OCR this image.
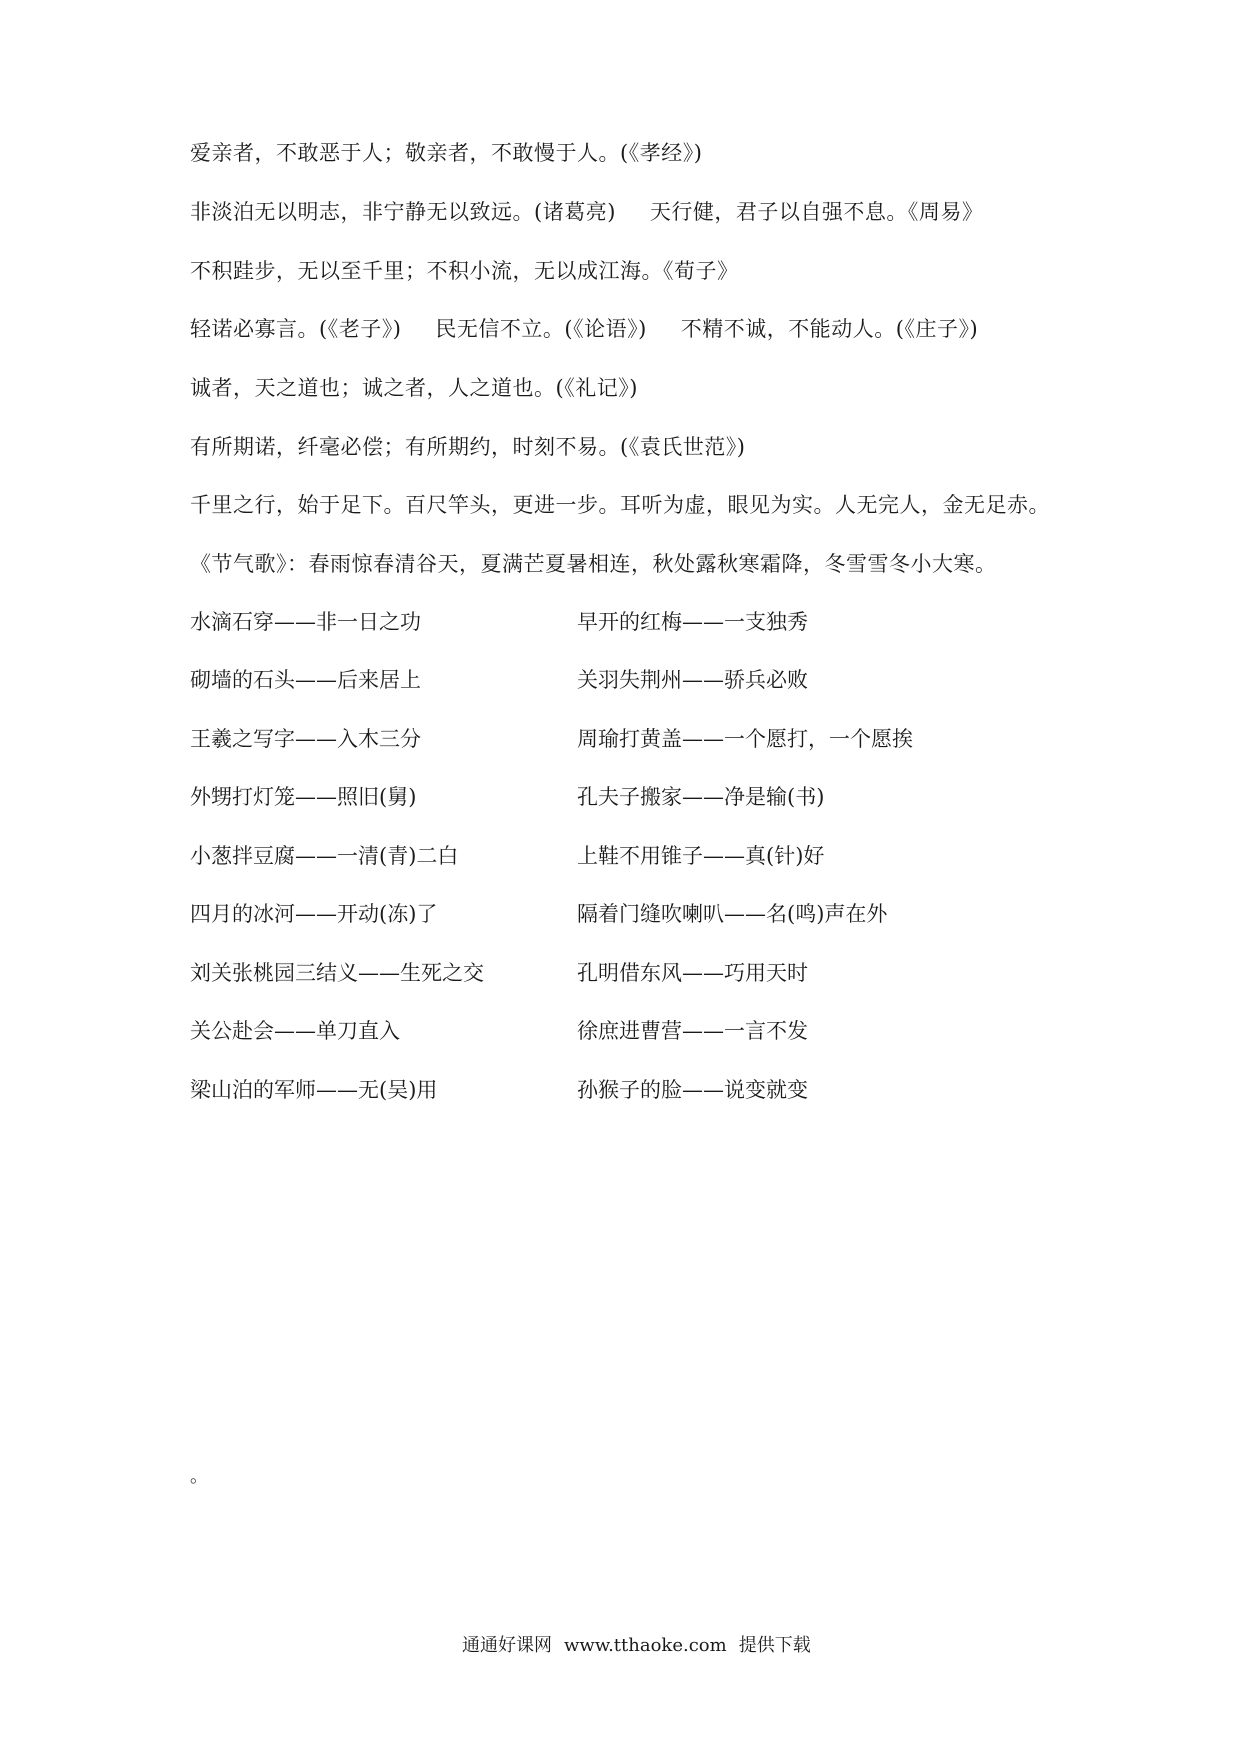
爱亲者，不敢恶于人；敬亲者，不敢慢于人。(《孝经》)
非淡泊无以明志，非宁静无以致远。(诸葛亮) 天行健，君子以自强不息。《周易》
不积跬步，无以至千里；不积小流，无以成江海。《荀子》
轻诺必寡言。(《老子》) 民无信不立。(《论语》) 不精不诚，不能动人。(《庄子》)
诚者，天之道也；诚之者，人之道也。(《礼记》)
有所期诺，纤毫必偿；有所期约，时刻不易。(《袁氏世范》)
千里之行，始于足下。百尺竿头，更进一步。耳听为虚，眼见为实。人无完人，金无足赤。
《节气歌》：春雨惊春清谷天，夏满芒夏暑相连，秋处露秋寒霜降，冬雪雪冬小大寒。
水滴石穿——非一日之功	早开的红梅——一支独秀
砌墙的石头——后来居上	关羽失荆州——骄兵必败
王羲之写字——入木三分	周瑜打黄盖——一个愿打，一个愿挨
外甥打灯笼——照旧(舅)	孔夫子搬家——净是输(书)
小葱拌豆腐——一清(青)二白	上鞋不用锥子——真(针)好
四月的冰河——开动(冻)了	隔着门缝吹喇叭——名(鸣)声在外
刘关张桃园三结义——生死之交	孔明借东风——巧用天时
关公赴会——单刀直入	徐庶进曹营——一言不发
梁山泊的军师——无(吴)用	孙猴子的脸——说变就变
。
通通好课网 www.tthaoke.com 提供下载
